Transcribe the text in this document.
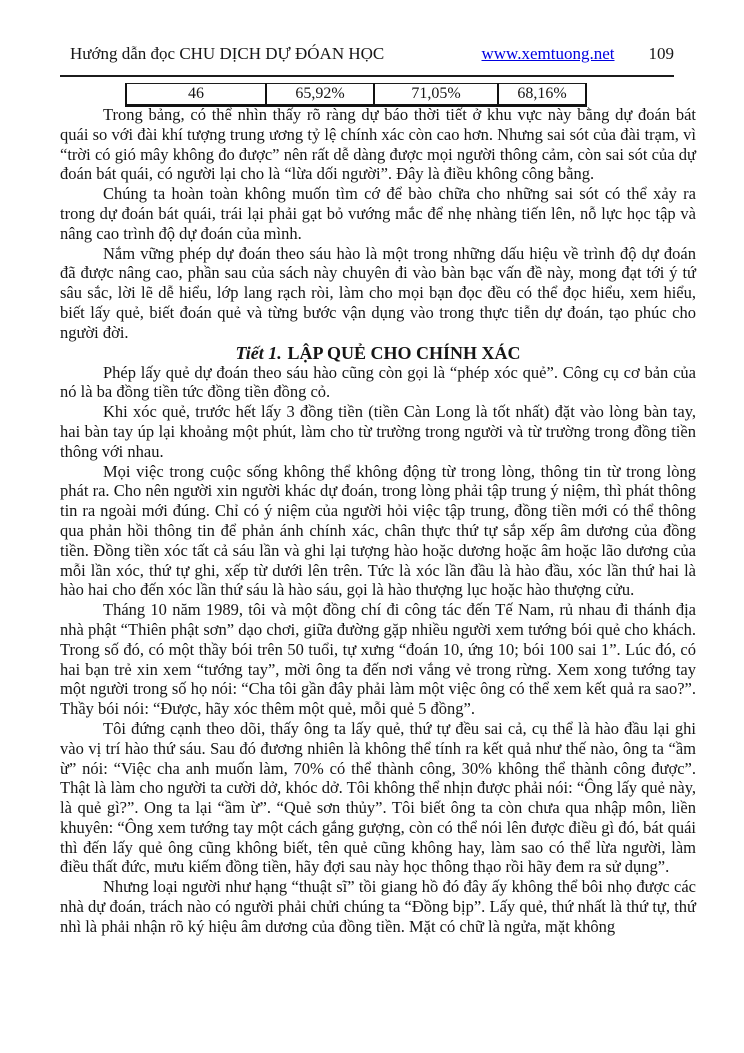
Hướng dẫn đọc CHU DỊCH DỰ ĐÓAN HỌC	www.xemtuong.net 109
46	65,92%	71,05%	68,16%

Trong bảng, có thể nhìn thấy rõ ràng dự báo thời tiết ở khu vực này bằng dự đoán bát quái so với đài khí tượng trung ương tỷ lệ chính xác còn cao hơn. Nhưng sai sót của đài trạm, vì “trời có gió mây không đo được” nên rất dễ dàng được mọi người thông cảm, còn sai sót của dự đoán bát quái, có người lại cho là “lừa dối người”. Đây là điều không công bằng.

Chúng ta hoàn toàn không muốn tìm cớ để bào chữa cho những sai sót có thể xảy ra trong dự đoán bát quái, trái lại phải gạt bỏ vướng mắc để nhẹ nhàng tiến lên, nỗ lực học tập và nâng cao trình độ dự đoán của mình.

Nắm vững phép dự đoán theo sáu hào là một trong những dấu hiệu về trình độ dự đoán đã được nâng cao, phần sau của sách này chuyên đi vào bàn bạc vấn đề này, mong đạt tới ý tứ sâu sắc, lời lẽ dễ hiểu, lớp lang rạch ròi, làm cho mọi bạn đọc đều có thể đọc hiểu, xem hiểu, biết lấy quẻ, biết đoán quẻ và từng bước vận dụng vào trong thực tiễn dự đoán, tạo phúc cho người đời.

Tiết 1. LẬP QUẺ CHO CHÍNH XÁC

Phép lấy quẻ dự đoán theo sáu hào cũng còn gọi là “phép xóc quẻ”. Công cụ cơ bản của nó là ba đồng tiền tức đồng tiền đồng cỏ.

Khi xóc quẻ, trước hết lấy 3 đồng tiền (tiền Càn Long là tốt nhất) đặt vào lòng bàn tay, hai bàn tay úp lại khoảng một phút, làm cho từ trường trong người và từ trường trong đồng tiền thông với nhau.

Mọi việc trong cuộc sống không thể không động từ trong lòng, thông tin từ trong lòng phát ra. Cho nên người xin người khác dự đoán, trong lòng phải tập trung ý niệm, thì phát thông tin ra ngoài mới đúng. Chỉ có ý niệm của người hỏi việc tập trung, đồng tiền mới có thể thông qua phản hồi thông tin để phản ánh chính xác, chân thực thứ tự sắp xếp âm dương của đồng tiền. Đồng tiền xóc tất cả sáu lần và ghi lại tượng hào hoặc dương hoặc âm hoặc lão dương của mỗi lần xóc, thứ tự ghi, xếp từ dưới lên trên. Tức là xóc lần đầu là hào đầu, xóc lần thứ hai là hào hai cho đến xóc lần thứ sáu là hào sáu, gọi là hào thượng lục hoặc hào thượng cửu.

Tháng 10 năm 1989, tôi và một đồng chí đi công tác đến Tế Nam, rủ nhau đi thánh địa nhà phật “Thiên phật sơn” dạo chơi, giữa đường gặp nhiều người xem tướng bói quẻ cho khách. Trong số đó, có một thầy bói trên 50 tuổi, tự xưng “đoán 10, ứng 10; bói 100 sai 1”. Lúc đó, có hai bạn trẻ xin xem “tướng tay”, mời ông ta đến nơi vắng vẻ trong rừng. Xem xong tướng tay một người trong số họ nói: “Cha tôi gần đây phải làm một việc ông có thể xem kết quả ra sao?”. Thầy bói nói: “Được, hãy xóc thêm một quẻ, mỗi quẻ 5 đồng”.

Tôi đứng cạnh theo dõi, thấy ông ta lấy quẻ, thứ tự đều sai cả, cụ thể là hào đầu lại ghi vào vị trí hào thứ sáu. Sau đó đương nhiên là không thể tính ra kết quả như thế nào, ông ta “ầm ừ” nói: “Việc cha anh muốn làm, 70% có thể thành công, 30% không thể thành công được”. Thật là làm cho người ta cười dở, khóc dở. Tôi không thể nhịn được phải nói: “Ông lấy quẻ này, là quẻ gì?”. Ong ta lại “ầm ừ”. “Quẻ sơn thủy”. Tôi biết ông ta còn chưa qua nhập môn, liền khuyên: “Ông xem tướng tay một cách gắng gượng, còn có thể nói lên được điều gì đó, bát quái thì đến lấy quẻ ông cũng không biết, tên quẻ cũng không hay, làm sao có thể lừa người, làm điều thất đức, mưu kiếm đồng tiền, hãy đợi sau này học thông thạo rồi hãy đem ra sử dụng”.

Nhưng loại người như hạng “thuật sĩ” tồi giang hồ đó đây ấy không thể bôi nhọ được các nhà dự đoán, trách nào có người phải chửi chúng ta “Đồng bịp”. Lấy quẻ, thứ nhất là thứ tự, thứ nhì là phải nhận rõ ký hiệu âm dương của đồng tiền. Mặt có chữ là ngửa, mặt không
